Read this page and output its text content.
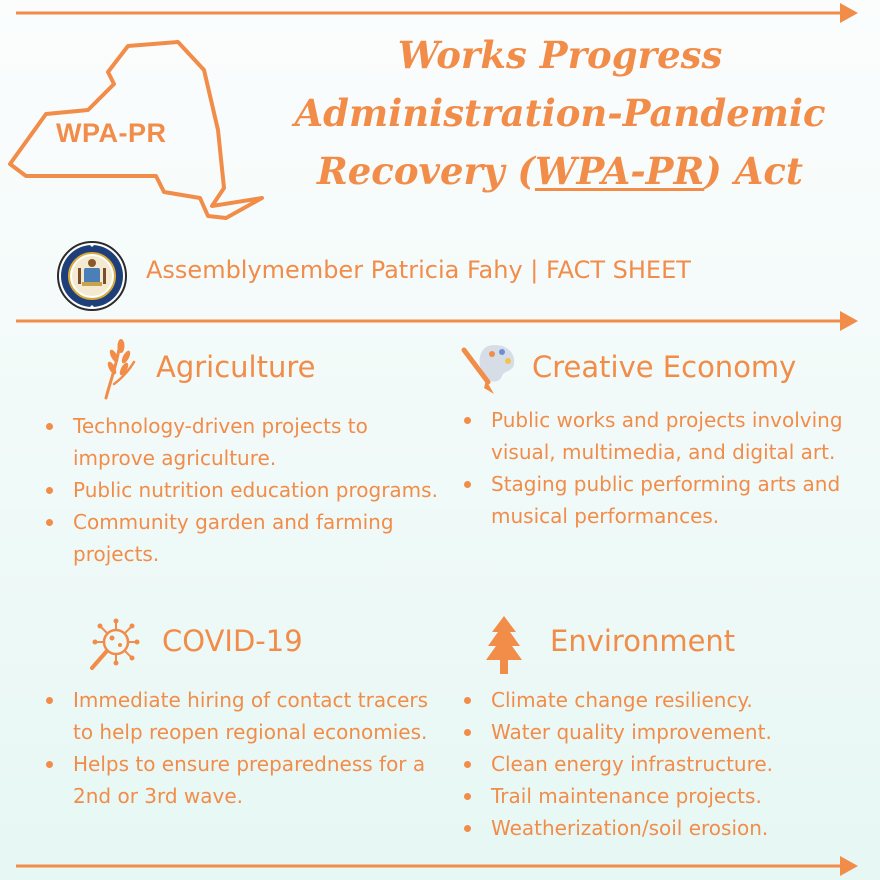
WPA-PR
Works Progress
Administration-Pandemic
Recovery (WPA-PR) Act
Assemblymember Patricia Fahy | FACT SHEET
Agriculture
Technology-driven projects to improve agriculture.
Public nutrition education programs.
Community garden and farming projects.
Creative Economy
Public works and projects involving visual, multimedia, and digital art.
Staging public performing arts and musical performances.
COVID-19
Immediate hiring of contact tracers to help reopen regional economies.
Helps to ensure preparedness for a 2nd or 3rd wave.
Environment
Climate change resiliency.
Water quality improvement.
Clean energy infrastructure.
Trail maintenance projects.
Weatherization/soil erosion.
